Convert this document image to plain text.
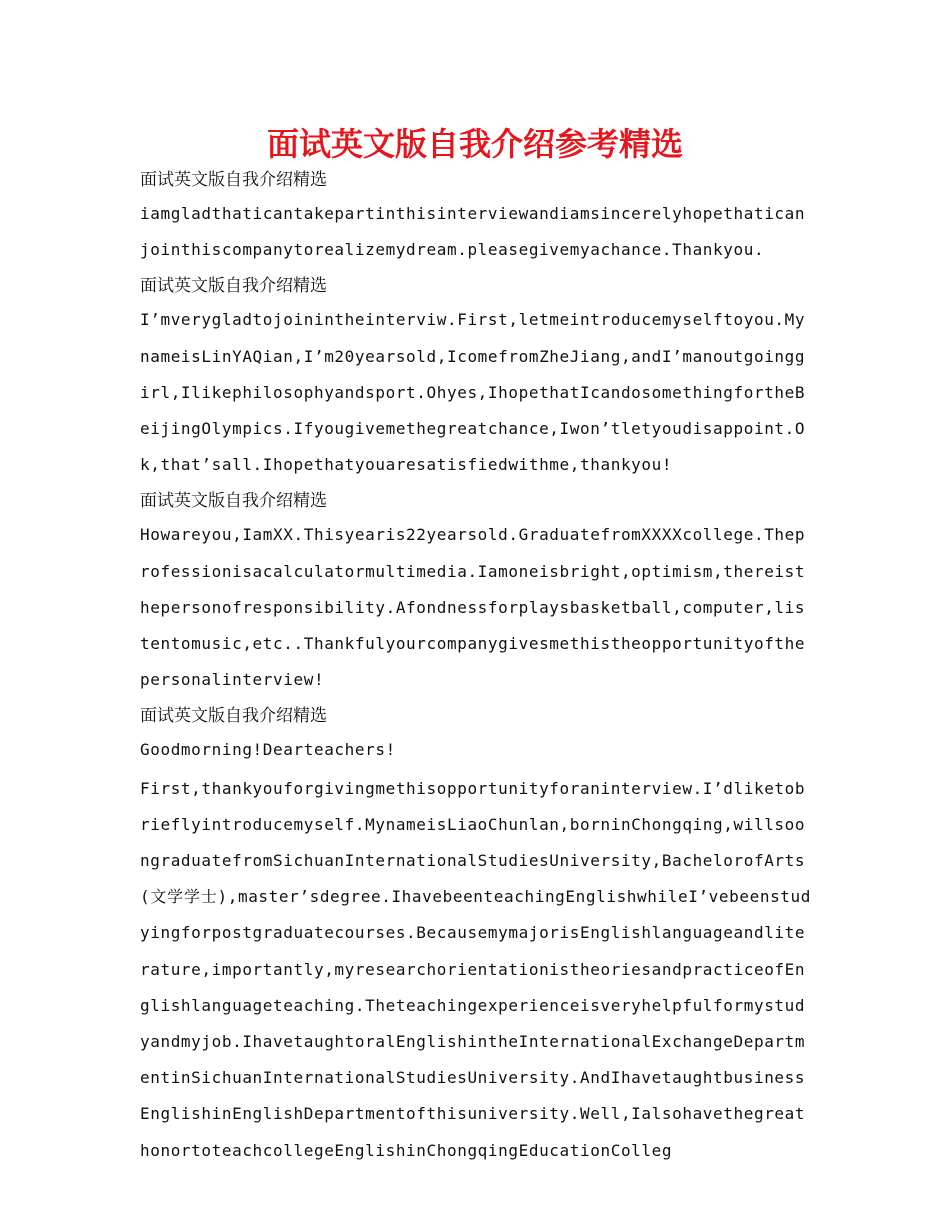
面试英文版自我介绍参考精选

面试英文版自我介绍精选

iamgladthaticantakepartinthisinterviewandiamsincerelyhopethaticanjointhiscompanytorealizemydream.pleasegivemyachance.Thankyou.

面试英文版自我介绍精选

I’mverygladtojoinintheinterviw.First,letmeintroducemyselftoyou.MynameisLinYAQian,I’m20yearsold,IcomefromZheJiang,andI’manoutgoinggirl,Ilikephilosophyandsport.Ohyes,IhopethatIcandosomethingfortheBeijingOlympics.Ifyougivemethegreatchance,Iwon’tletyoudisappoint.Ok,that’sall.Ihopethatyouaresatisfiedwithme,thankyou!

面试英文版自我介绍精选

Howareyou,IamXX.Thisyearis22yearsold.GraduatefromXXXXcollege.Theprofessionisacalculatormultimedia.Iamoneisbright,optimism,thereisthepersonofresponsibility.Afondnessforplaysbasketball,computer,listentomusic,etc..Thankfulyourcompanygivesmethistheopportunityofthepersonalinterview!

面试英文版自我介绍精选

Goodmorning!Dearteachers!

First,thankyouforgivingmethisopportunityforaninterview.I’dliketobrieflyintroducemyself.MynameisLiaoChunlan,borninChongqing,willsoongraduatefromSichuanInternationalStudiesUniversity,BachelorofArts(文学学士),master’sdegree.IhavebeenteachingEnglishwhileI’vebeenstudyingforpostgraduatecourses.BecausemymajorisEnglishlanguageandliterature,importantly,myresearchorientationistheoriesandpracticeofEnglishlanguageteaching.Theteachingexperienceisveryhelpfulformystudyandmyjob.IhavetaughtoralEnglishintheInternationalExchangeDepartmentinSichuanInternationalStudiesUniversity.AndIhavetaughtbusinessEnglishinEnglishDepartmentofthisuniversity.Well,IalsohavethegreathonortoteachcollegeEnglishinChongqingEducationColleg
